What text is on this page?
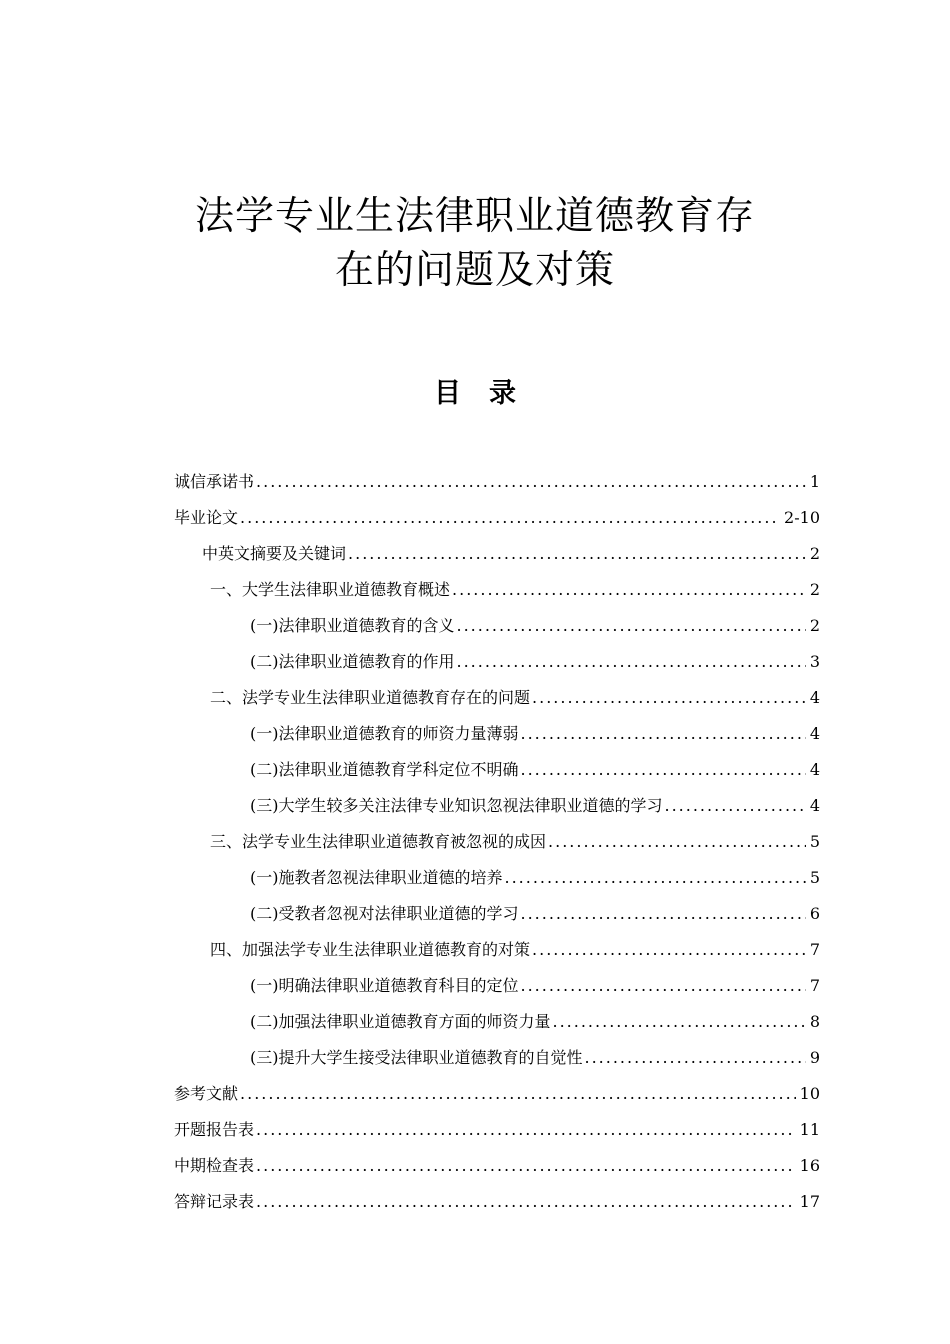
法学专业生法律职业道德教育存
在的问题及对策
目录
诚信承诺书 .....	1
毕业论文 .....	2-10
中英文摘要及关键词 .....	2
一、大学生法律职业道德教育概述 .....	2
(一)法律职业道德教育的含义 .....	2
(二)法律职业道德教育的作用 .....	3
二、法学专业生法律职业道德教育存在的问题 .....	4
(一)法律职业道德教育的师资力量薄弱 .....	4
(二)法律职业道德教育学科定位不明确 .....	4
(三)大学生较多关注法律专业知识忽视法律职业道德的学习 .....	4
三、法学专业生法律职业道德教育被忽视的成因 .....	5
(一)施教者忽视法律职业道德的培养 .....	5
(二)受教者忽视对法律职业道德的学习 .....	6
四、加强法学专业生法律职业道德教育的对策 .....	7
(一)明确法律职业道德教育科目的定位 .....	7
(二)加强法律职业道德教育方面的师资力量 .....	8
(三)提升大学生接受法律职业道德教育的自觉性 .....	9
参考文献 .....	10
开题报告表 .....	11
中期检查表 .....	16
答辩记录表 .....	17
